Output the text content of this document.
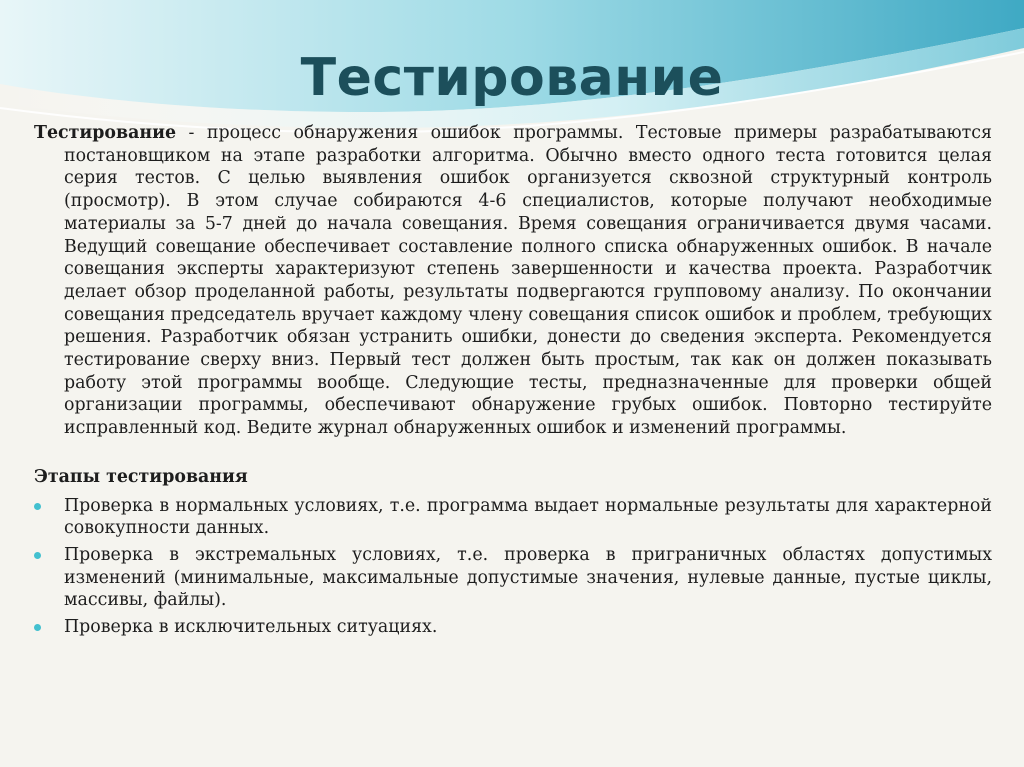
Тестирование

Тестирование - процесс обнаружения ошибок программы. Тестовые примеры разрабатываются постановщиком на этапе разработки алгоритма. Обычно вместо одного теста готовится целая серия тестов. С целью выявления ошибок организуется сквозной структурный контроль (просмотр). В этом случае собираются 4-6 специалистов, которые получают необходимые материалы за 5-7 дней до начала совещания. Время совещания ограничивается двумя часами. Ведущий совещание обеспечивает составление полного списка обнаруженных ошибок. В начале совещания эксперты характеризуют степень завершенности и качества проекта. Разработчик делает обзор проделанной работы, результаты подвергаются групповому анализу. По окончании совещания председатель вручает каждому члену совещания список ошибок и проблем, требующих решения. Разработчик обязан устранить ошибки, донести до сведения эксперта. Рекомендуется тестирование сверху вниз. Первый тест должен быть простым, так как он должен показывать работу этой программы вообще. Следующие тесты, предназначенные для проверки общей организации программы, обеспечивают обнаружение грубых ошибок. Повторно тестируйте исправленный код. Ведите журнал обнаруженных ошибок и изменений программы.

Этапы тестирования
Проверка в нормальных условиях, т.е. программа выдает нормальные результаты для характерной совокупности данных.
Проверка в экстремальных условиях, т.е. проверка в приграничных областях допустимых изменений (минимальные, максимальные допустимые значения, нулевые данные, пустые циклы, массивы, файлы).
Проверка в исключительных ситуациях.
